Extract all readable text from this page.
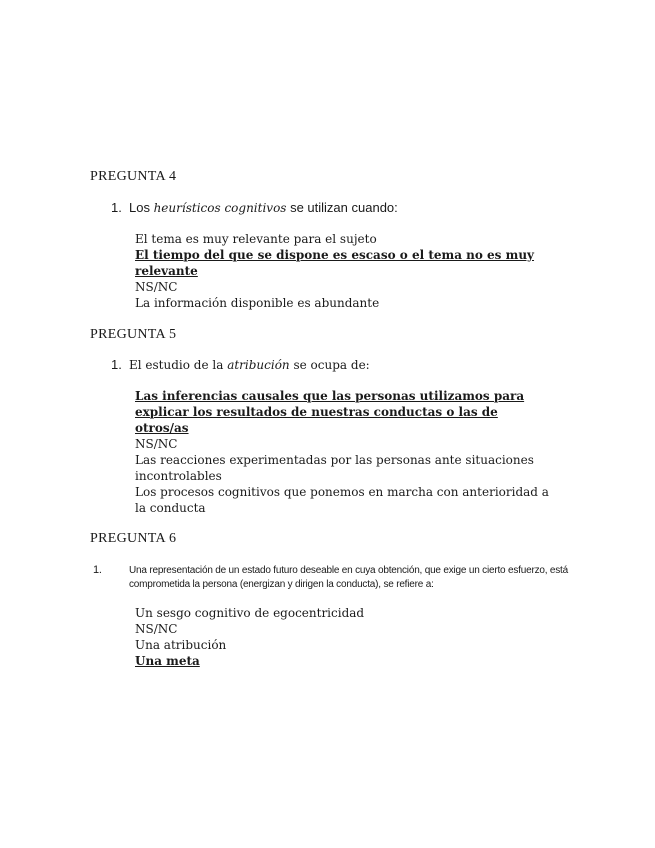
PREGUNTA 4
1. Los heurísticos cognitivos se utilizan cuando:
El tema es muy relevante para el sujeto
El tiempo del que se dispone es escaso o el tema no es muy relevante
NS/NC
La información disponible es abundante
PREGUNTA 5
1. El estudio de la atribución se ocupa de:
Las inferencias causales que las personas utilizamos para explicar los resultados de nuestras conductas o las de otros/as
NS/NC
Las reacciones experimentadas por las personas ante situaciones incontrolables
Los procesos cognitivos que ponemos en marcha con anterioridad a la conducta
PREGUNTA 6
1.	Una representación de un estado futuro deseable en cuya obtención, que exige un cierto esfuerzo, está comprometida la persona (energizan y dirigen la conducta), se refiere a:
Un sesgo cognitivo de egocentricidad
NS/NC
Una atribución
Una meta
